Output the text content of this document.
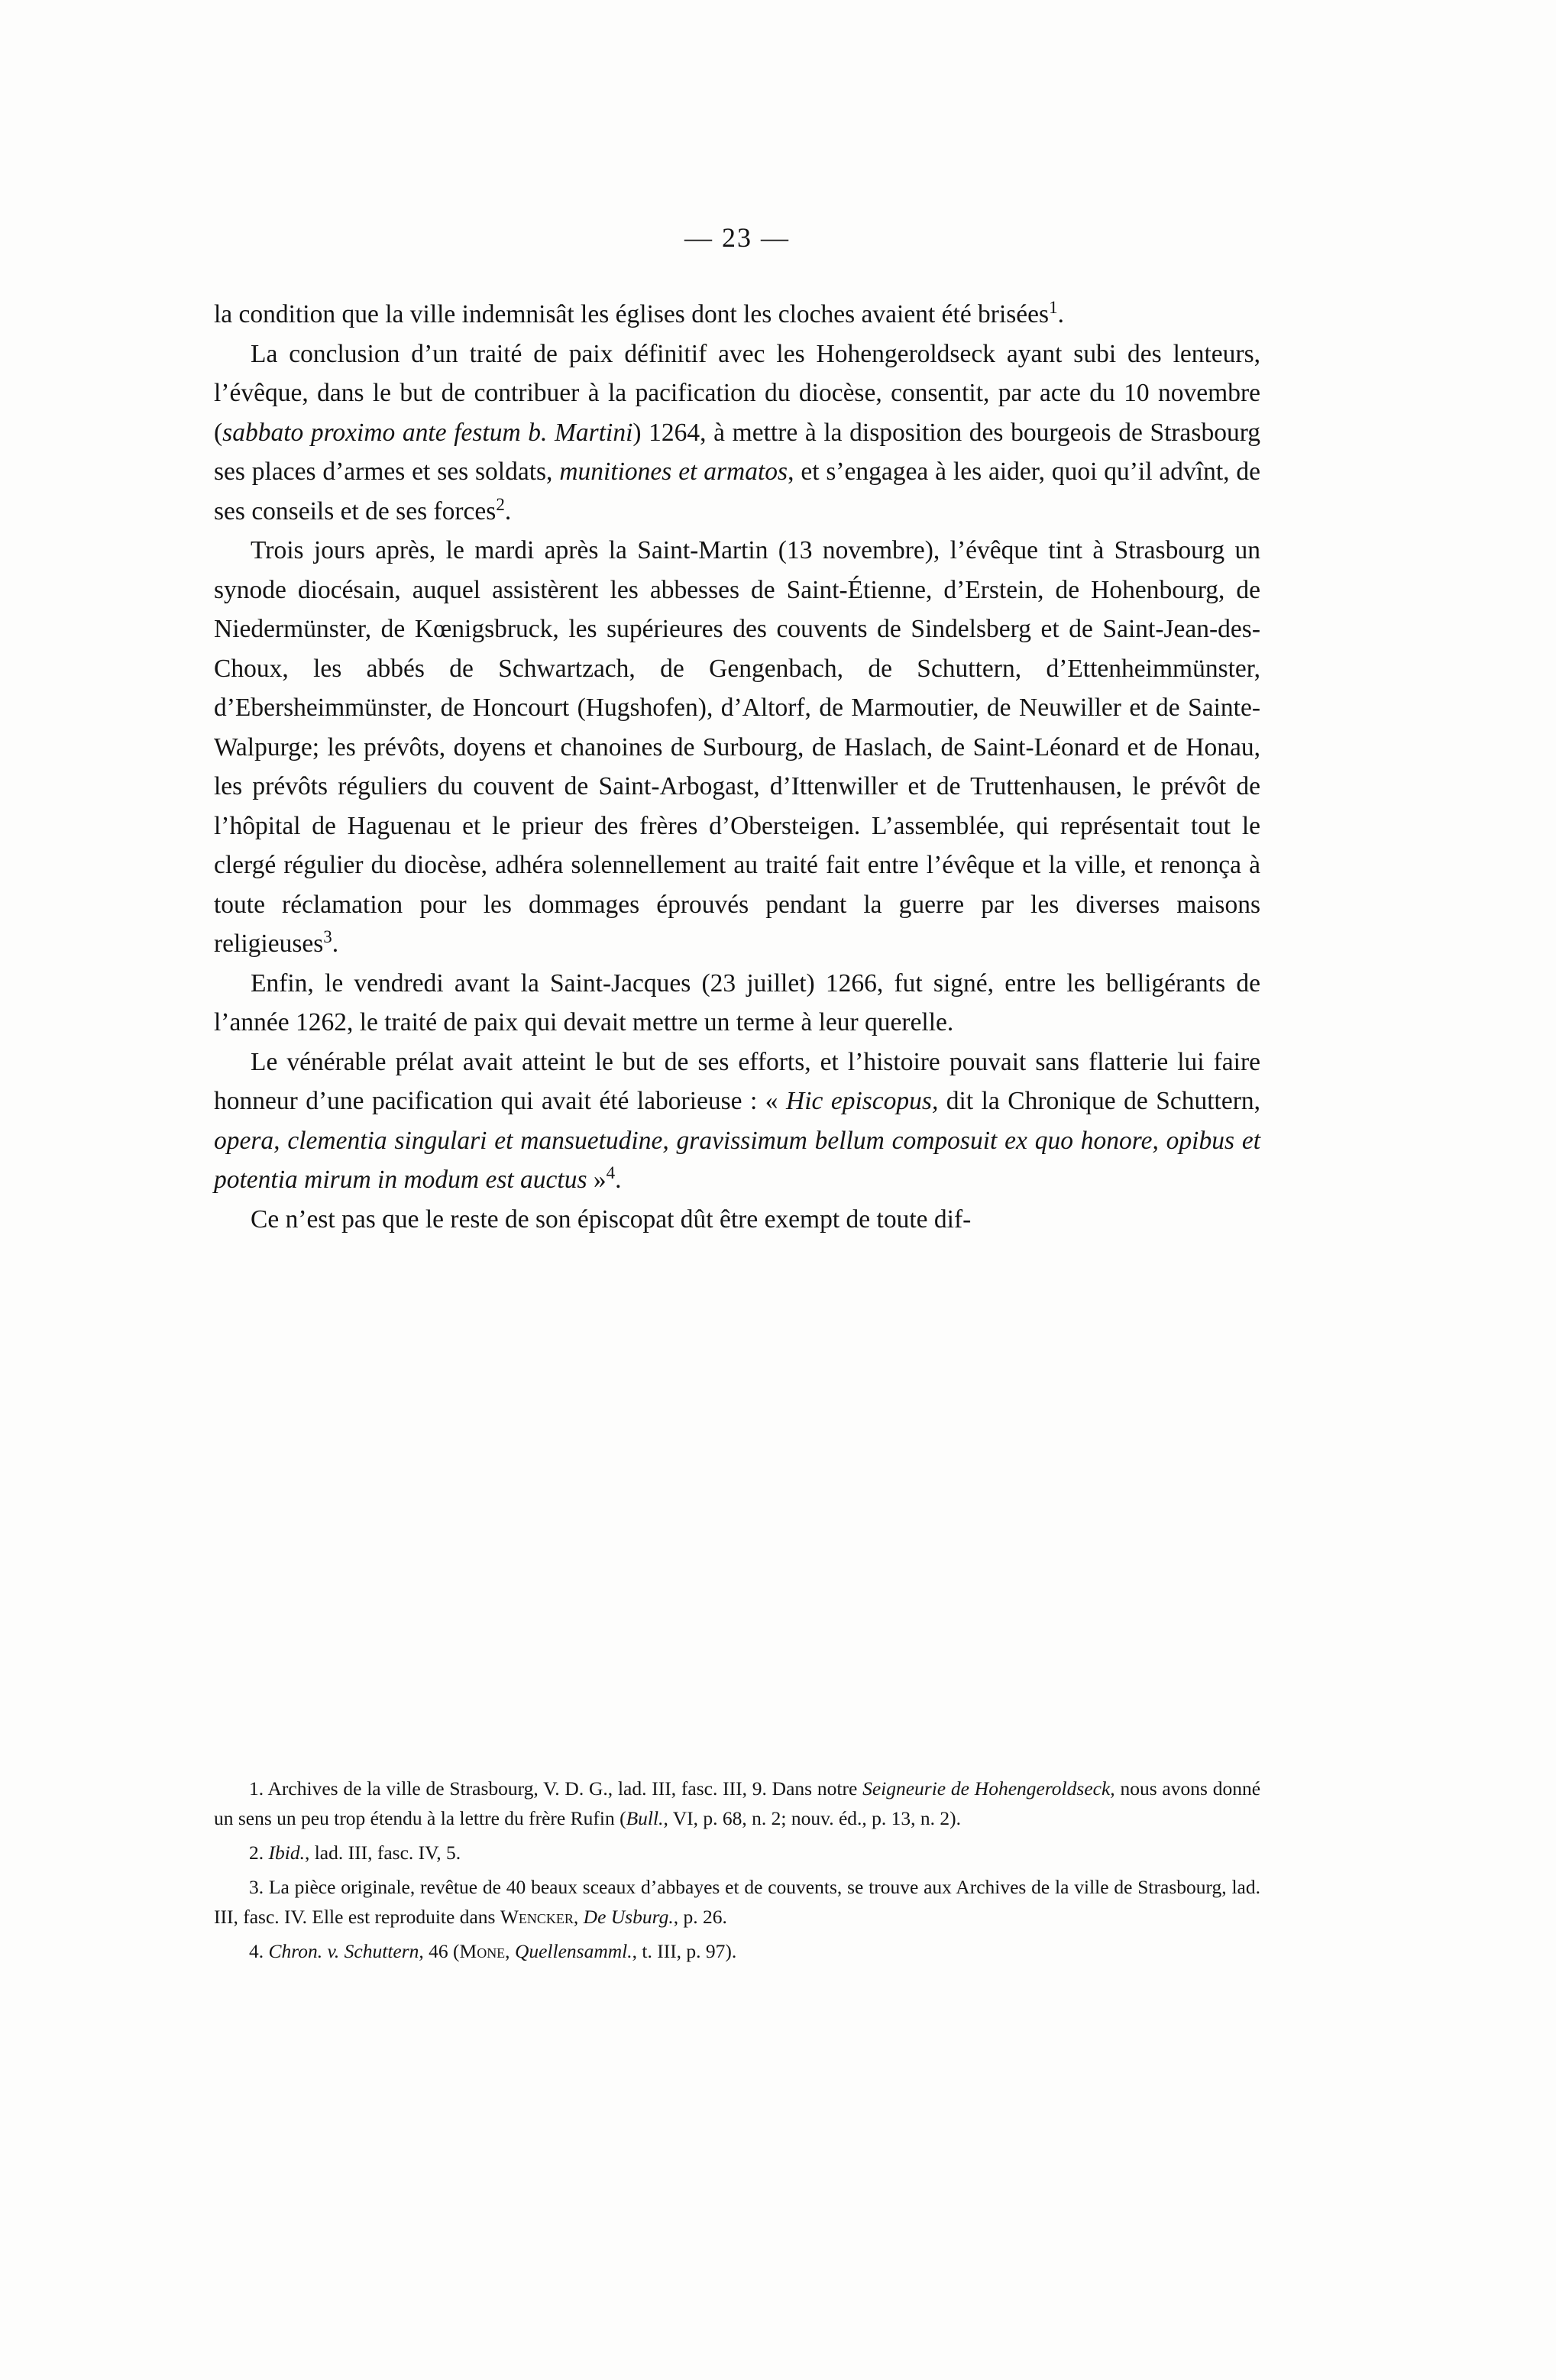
— 23 —

la condition que la ville indemnisât les églises dont les cloches avaient été brisées$^1$.

La conclusion d’un traité de paix définitif avec les Hohengeroldseck ayant subi des lenteurs, l’évêque, dans le but de contribuer à la pacification du diocèse, consentit, par acte du 10 novembre (sabbato proximo ante festum b. Martini) 1264, à mettre à la disposition des bourgeois de Strasbourg ses places d’armes et ses soldats, munitiones et armatos, et s’engagea à les aider, quoi qu’il advînt, de ses conseils et de ses forces$^2$.

Trois jours après, le mardi après la Saint-Martin (13 novembre), l’évêque tint à Strasbourg un synode diocésain, auquel assistèrent les abbesses de Saint-Étienne, d’Erstein, de Hohenbourg, de Niedermünster, de Kœnigsbruck, les supérieures des couvents de Sindelsberg et de Saint-Jean-des-Choux, les abbés de Schwartzach, de Gengenbach, de Schuttern, d’Ettenheimmünster, d’Ebersheimmünster, de Honcourt (Hugshofen), d’Altorf, de Marmoutier, de Neuwiller et de Sainte-Walpurge; les prévôts, doyens et chanoines de Surbourg, de Haslach, de Saint-Léonard et de Honau, les prévôts réguliers du couvent de Saint-Arbogast, d’Ittenwiller et de Truttenhausen, le prévôt de l’hôpital de Haguenau et le prieur des frères d’Obersteigen. L’assemblée, qui représentait tout le clergé régulier du diocèse, adhéra solennellement au traité fait entre l’évêque et la ville, et renonça à toute réclamation pour les dommages éprouvés pendant la guerre par les diverses maisons religieuses$^3$.

Enfin, le vendredi avant la Saint-Jacques (23 juillet) 1266, fut signé, entre les belligérants de l’année 1262, le traité de paix qui devait mettre un terme à leur querelle.

Le vénérable prélat avait atteint le but de ses efforts, et l’histoire pouvait sans flatterie lui faire honneur d’une pacification qui avait été laborieuse : « Hic episcopus, dit la Chronique de Schuttern, opera, clementia singulari et mansuetudine, gravissimum bellum composuit ex quo honore, opibus et potentia mirum in modum est auctus »$^4$.

Ce n’est pas que le reste de son épiscopat dût être exempt de toute dif-

1. Archives de la ville de Strasbourg, V. D. G., lad. III, fasc. III, 9. Dans notre Seigneurie de Hohengeroldseck, nous avons donné un sens un peu trop étendu à la lettre du frère Rufin (Bull., VI, p. 68, n. 2; nouv. éd., p. 13, n. 2).

2. Ibid., lad. III, fasc. IV, 5.

3. La pièce originale, revêtue de 40 beaux sceaux d’abbayes et de couvents, se trouve aux Archives de la ville de Strasbourg, lad. III, fasc. IV. Elle est reproduite dans Wencker, De Usburg., p. 26.

4. Chron. v. Schuttern, 46 (Mone, Quellensamml., t. III, p. 97).
